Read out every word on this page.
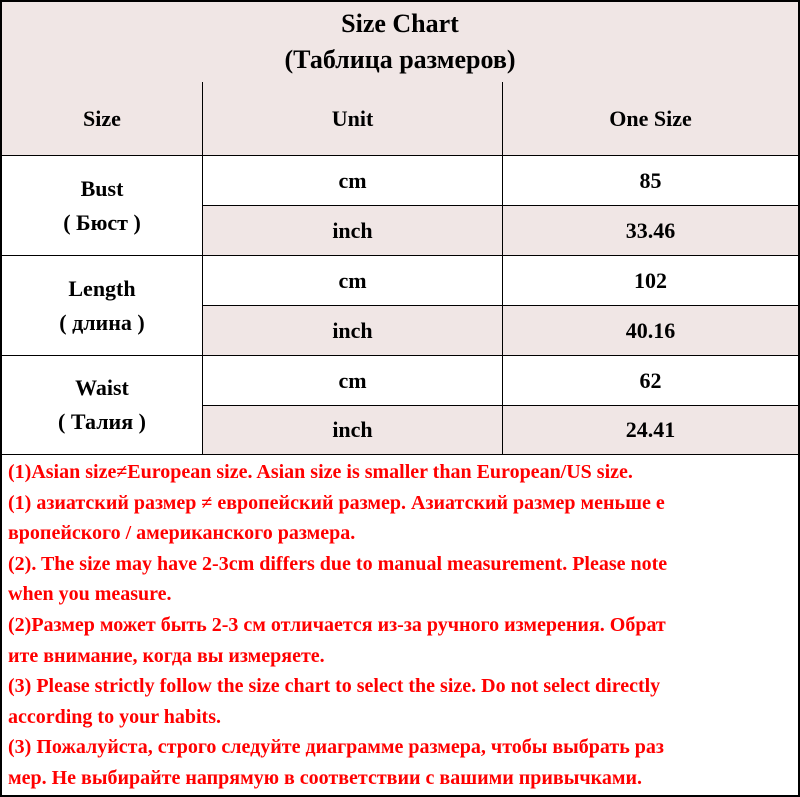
Size Chart
(Таблица размеров)
Size	Unit	One Size
Bust
( Бюст )
cm	85
inch	33.46
Length
( длина )
cm	102
inch	40.16
Waist
( Талия )
cm	62
inch	24.41
(1)Asian size≠European size. Asian size is smaller than European/US size.
(1) азиатский размер ≠ европейский размер. Азиатский размер меньше е
вропейского / американского размера.
(2). The size may have 2-3cm differs due to manual measurement. Please note
when you measure.
(2)Размер может быть 2-3 см отличается из-за ручного измерения. Обрат
ите внимание, когда вы измеряете.
(3) Please strictly follow the size chart to select the size. Do not select directly
according to your habits.
(3) Пожалуйста, строго следуйте диаграмме размера, чтобы выбрать раз
мер. Не выбирайте напрямую в соответствии с вашими привычками.
